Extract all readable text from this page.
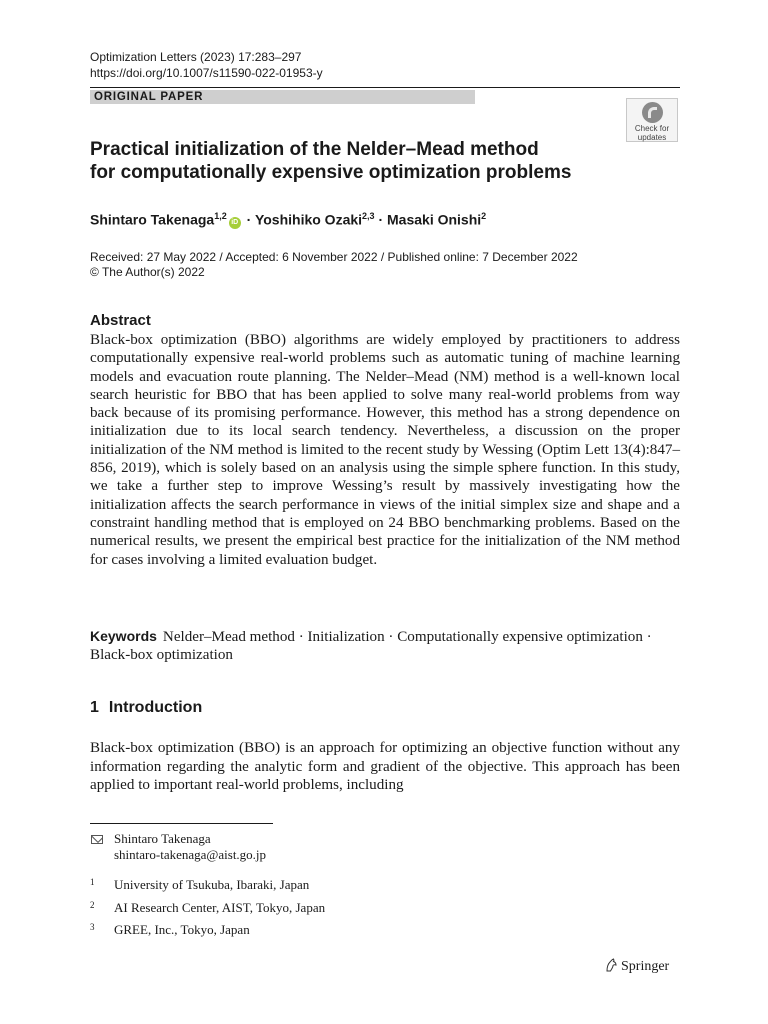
Optimization Letters (2023) 17:283–297
https://doi.org/10.1007/s11590-022-01953-y
ORIGINAL PAPER
Check for
updates
Practical initialization of the Nelder–Mead method
for computationally expensive optimization problems
Shintaro Takenaga$^{1,2}$iD · Yoshihiko Ozaki$^{2,3}$ · Masaki Onishi$^2$
Received: 27 May 2022 / Accepted: 6 November 2022 / Published online: 7 December 2022
© The Author(s) 2022
Abstract
Black-box optimization (BBO) algorithms are widely employed by practitioners to address computationally expensive real-world problems such as automatic tuning of machine learning models and evacuation route planning. The Nelder–Mead (NM) method is a well-known local search heuristic for BBO that has been applied to solve many real-world problems from way back because of its promising performance. However, this method has a strong dependence on initialization due to its local search tendency. Nevertheless, a discussion on the proper initialization of the NM method is limited to the recent study by Wessing (Optim Lett 13(4):847–856, 2019), which is solely based on an analysis using the simple sphere function. In this study, we take a further step to improve Wessing’s result by massively investigating how the initialization affects the search performance in views of the initial simplex size and shape and a constraint handling method that is employed on 24 BBO benchmarking problems. Based on the numerical results, we present the empirical best practice for the initialization of the NM method for cases involving a limited evaluation budget.
Keywords Nelder–Mead method · Initialization · Computationally expensive optimization · Black-box optimization
1 Introduction
Black-box optimization (BBO) is an approach for optimizing an objective function without any information regarding the analytic form and gradient of the objective. This approach has been applied to important real-world problems, including
Shintaro Takenaga
shintaro-takenaga@aist.go.jp
1 University of Tsukuba, Ibaraki, Japan
2 AI Research Center, AIST, Tokyo, Japan
3 GREE, Inc., Tokyo, Japan
Springer
